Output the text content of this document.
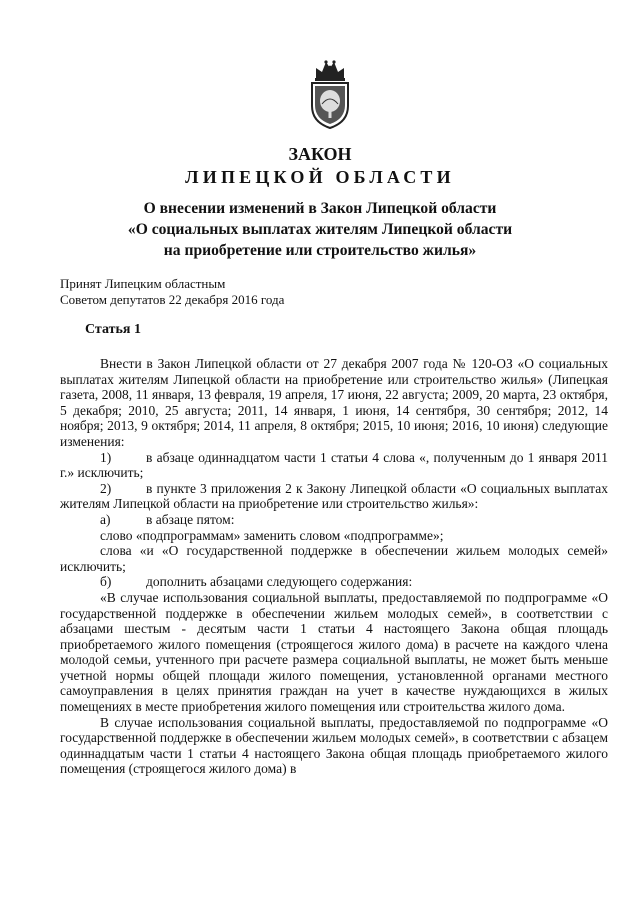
ЗАКОН

ЛИПЕЦКОЙ ОБЛАСТИ

О внесении изменений в Закон Липецкой области
«О социальных выплатах жителям Липецкой области
на приобретение или строительство жилья»
Принят Липецким областным
Советом депутатов 22 декабря 2016 года
Статья 1

Внести в Закон Липецкой области от 27 декабря 2007 года № 120-ОЗ «О социальных выплатах жителям Липецкой области на приобретение или строительство жилья» (Липецкая газета, 2008, 11 января, 13 февраля, 19 апреля, 17 июня, 22 августа; 2009, 20 марта, 23 октября, 5 декабря; 2010, 25 августа; 2011, 14 января, 1 июня, 14 сентября, 30 сентября; 2012, 14 ноября; 2013, 9 октября; 2014, 11 апреля, 8 октября; 2015, 10 июня; 2016, 10 июня) следующие изменения:

1)	в абзаце одиннадцатом части 1 статьи 4 слова «, полученным до 1 января 2011 г.» исключить;

2)	в пункте 3 приложения 2 к Закону Липецкой области «О социальных выплатах жителям Липецкой области на приобретение или строительство жилья»:

а)	в абзаце пятом:

слово «подпрограммам» заменить словом «подпрограмме»;

слова «и «О государственной поддержке в обеспечении жильем молодых семей» исключить;

б)	дополнить абзацами следующего содержания:

«В случае использования социальной выплаты, предоставляемой по подпрограмме «О государственной поддержке в обеспечении жильем молодых семей», в соответствии с абзацами шестым - десятым части 1 статьи 4 настоящего Закона общая площадь приобретаемого жилого помещения (строящегося жилого дома) в расчете на каждого члена молодой семьи, учтенного при расчете размера социальной выплаты, не может быть меньше учетной нормы общей площади жилого помещения, установленной органами местного самоуправления в целях принятия граждан на учет в качестве нуждающихся в жилых помещениях в месте приобретения жилого помещения или строительства жилого дома.

В случае использования социальной выплаты, предоставляемой по подпрограмме «О государственной поддержке в обеспечении жильем молодых семей», в соответствии с абзацем одиннадцатым части 1 статьи 4 настоящего Закона общая площадь приобретаемого жилого помещения (строящегося жилого дома) в
